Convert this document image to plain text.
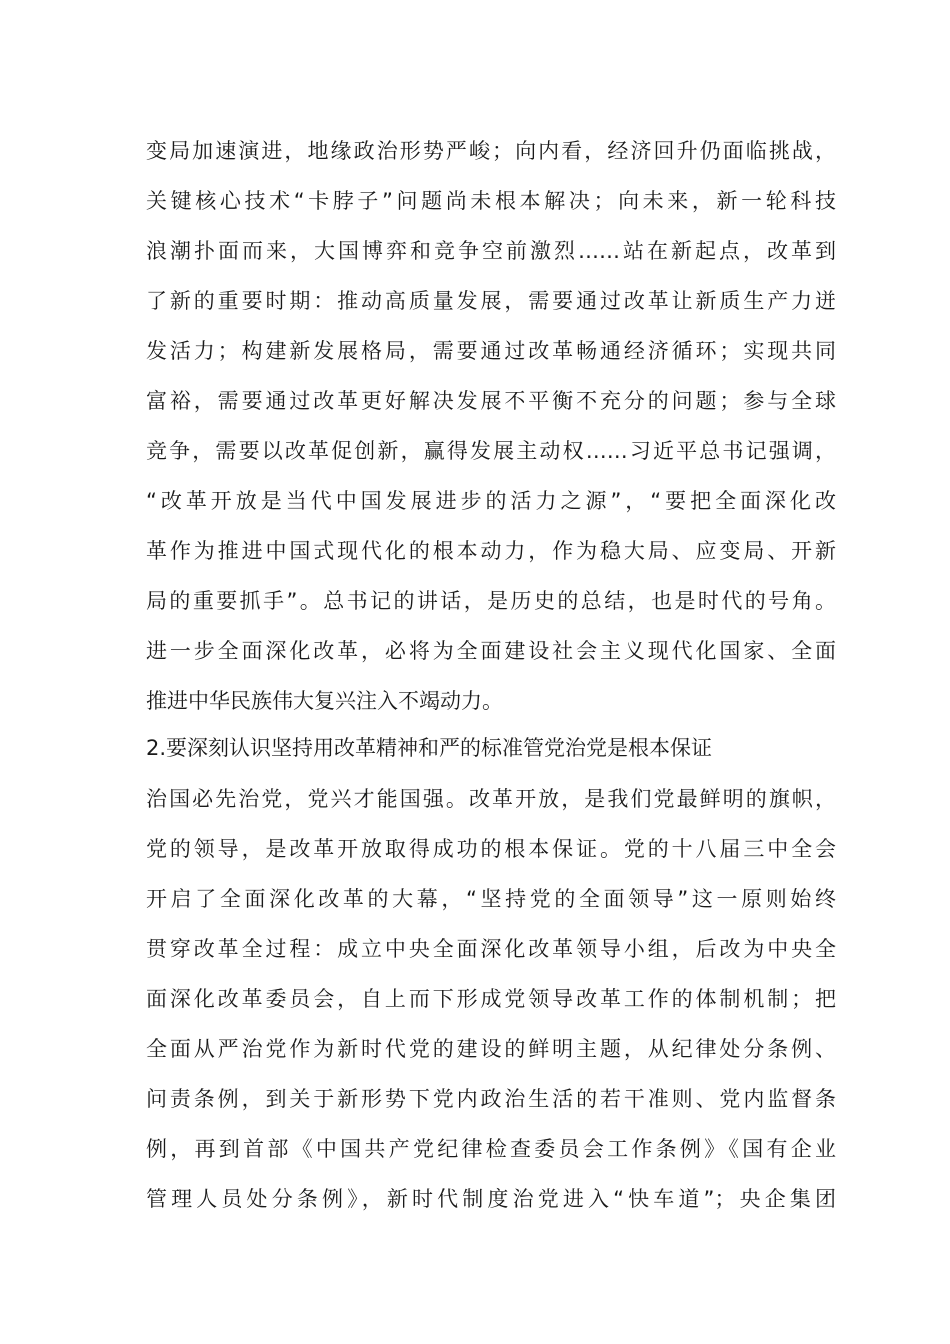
变局加速演进，地缘政治形势严峻；向内看，经济回升仍面临挑战，
关键核心技术“卡脖子”问题尚未根本解决；向未来，新一轮科技
浪潮扑面而来，大国博弈和竞争空前激烈……站在新起点，改革到
了新的重要时期：推动高质量发展，需要通过改革让新质生产力迸
发活力；构建新发展格局，需要通过改革畅通经济循环；实现共同
富裕，需要通过改革更好解决发展不平衡不充分的问题；参与全球
竞争，需要以改革促创新，赢得发展主动权……习近平总书记强调，
“改革开放是当代中国发展进步的活力之源”，“要把全面深化改
革作为推进中国式现代化的根本动力，作为稳大局、应变局、开新
局的重要抓手”。总书记的讲话，是历史的总结，也是时代的号角。
进一步全面深化改革，必将为全面建设社会主义现代化国家、全面
推进中华民族伟大复兴注入不竭动力。
2.要深刻认识坚持用改革精神和严的标准管党治党是根本保证
治国必先治党，党兴才能国强。改革开放，是我们党最鲜明的旗帜，
党的领导，是改革开放取得成功的根本保证。党的十八届三中全会
开启了全面深化改革的大幕，“坚持党的全面领导”这一原则始终
贯穿改革全过程：成立中央全面深化改革领导小组，后改为中央全
面深化改革委员会，自上而下形成党领导改革工作的体制机制；把
全面从严治党作为新时代党的建设的鲜明主题，从纪律处分条例、
问责条例，到关于新形势下党内政治生活的若干准则、党内监督条
例，再到首部《中国共产党纪律检查委员会工作条例》《国有企业
管理人员处分条例》，新时代制度治党进入“快车道”；央企集团
